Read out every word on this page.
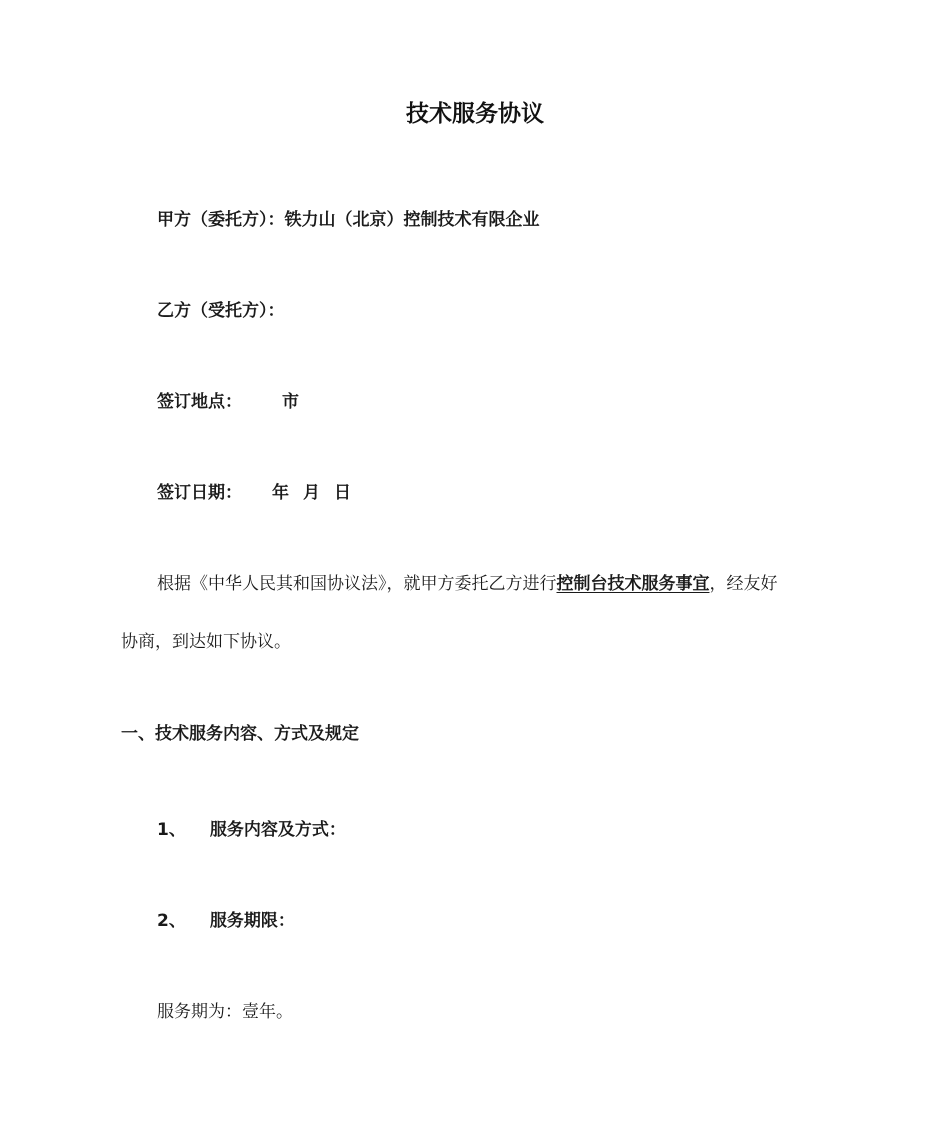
技术服务协议
甲方（委托方）：铁力山（北京）控制技术有限企业
乙方（受托方）：
签订地点： 市
签订日期： 年 月 日
根据《中华人民其和国协议法》，就甲方委托乙方进行控制台技术服务事宜，经友好
协商，到达如下协议。
一、技术服务内容、方式及规定
1、 服务内容及方式：
2、 服务期限：
服务期为：壹年。
